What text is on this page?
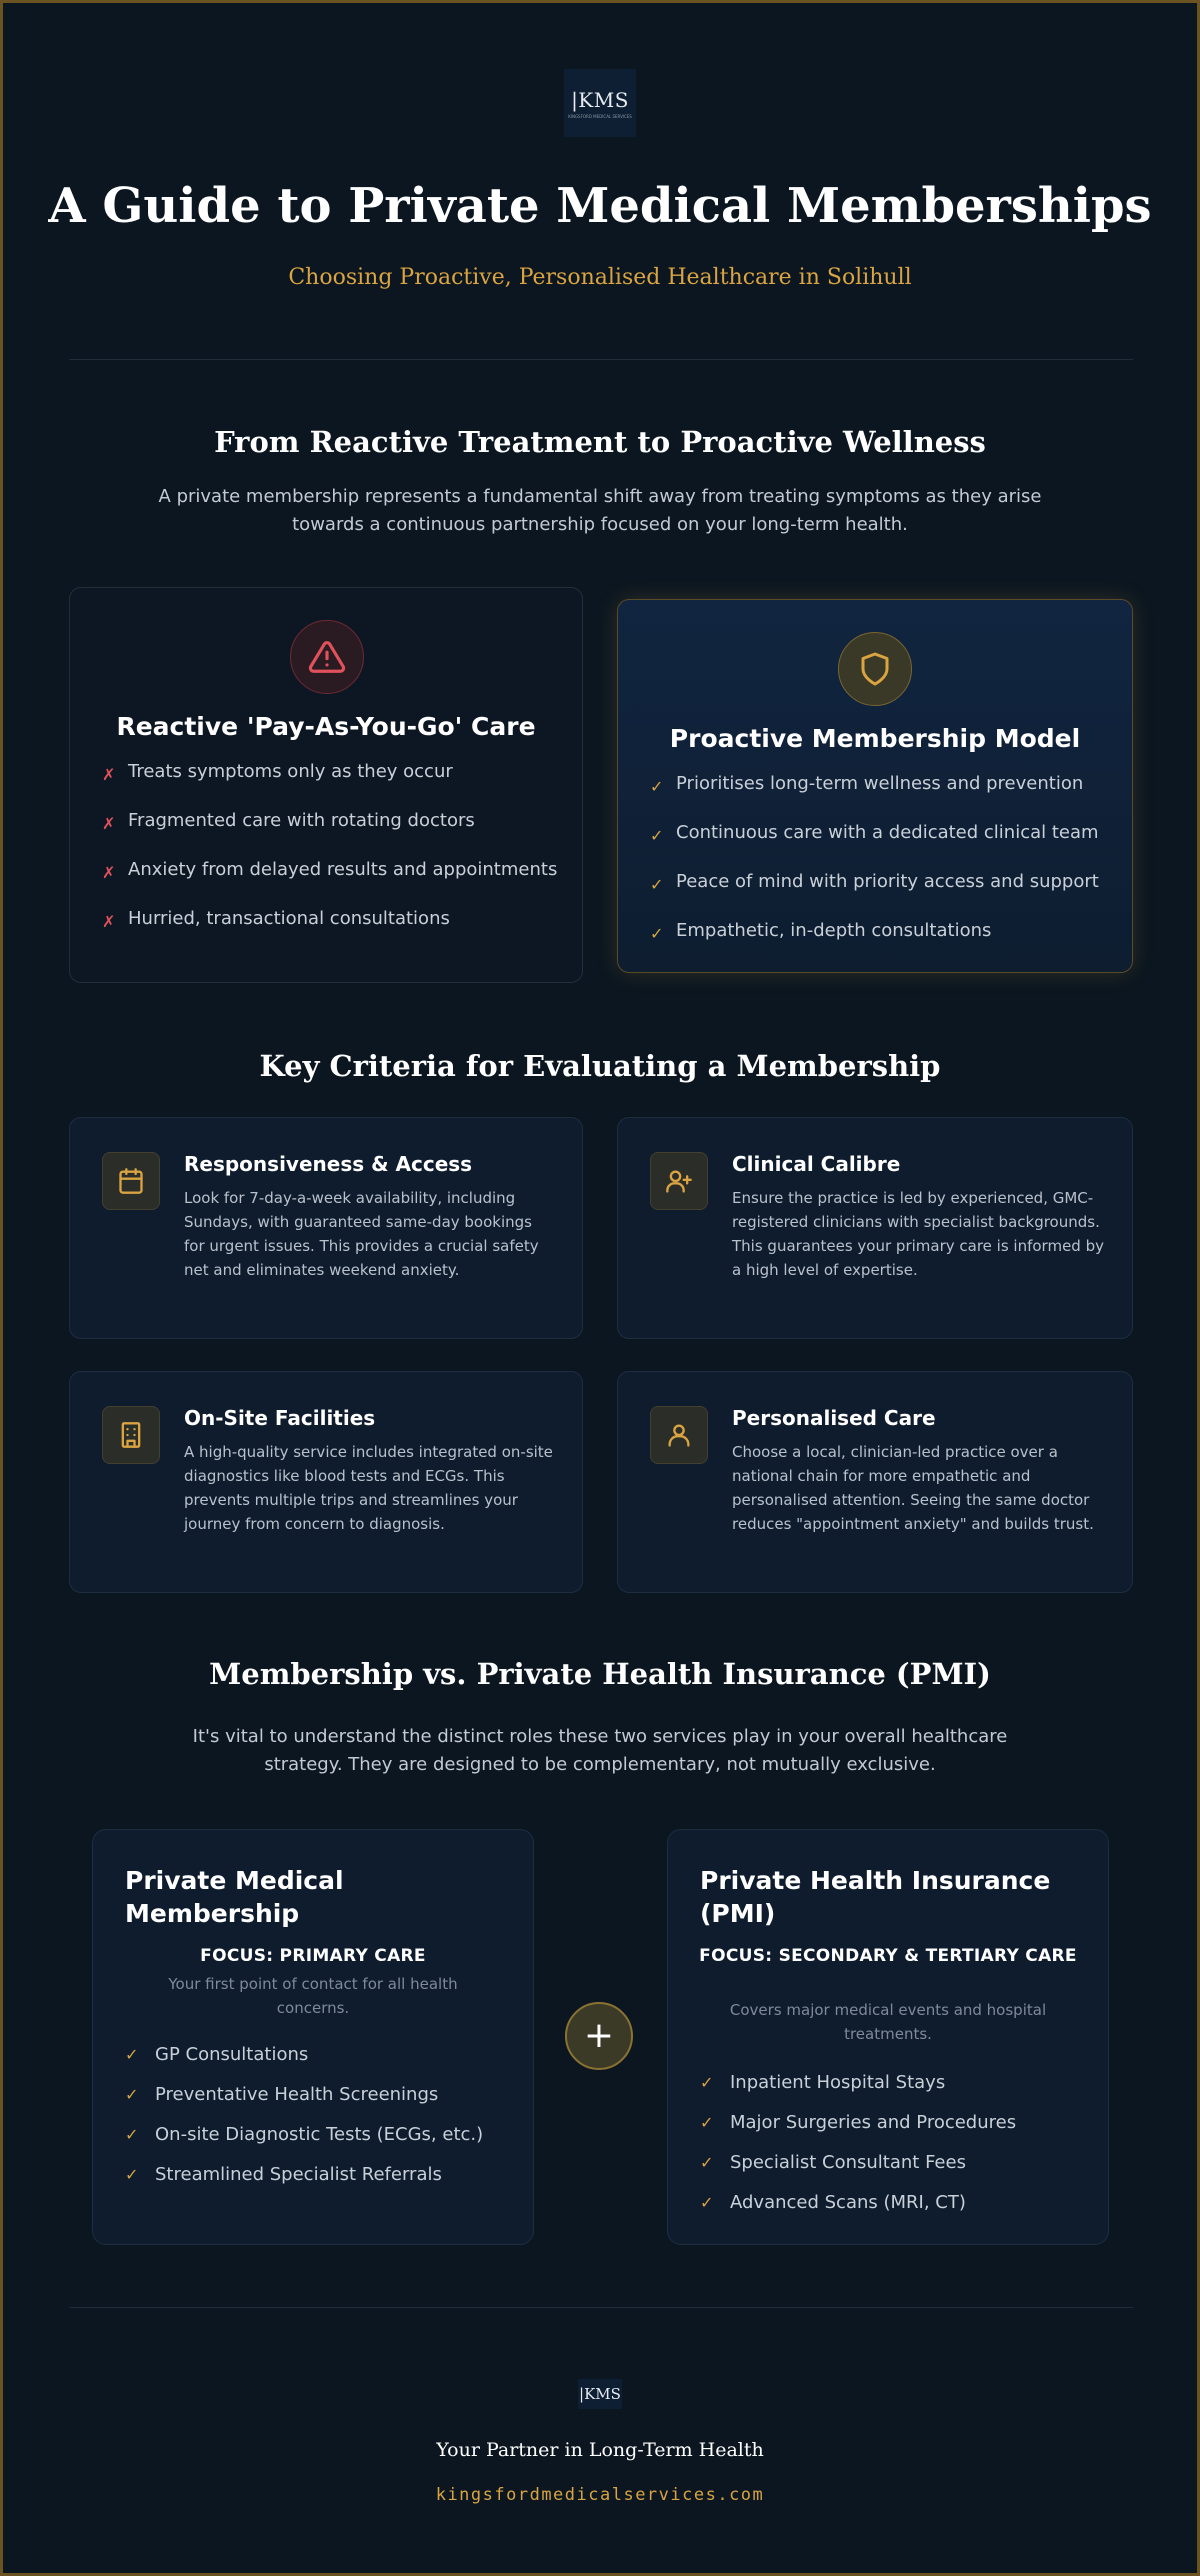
|KMS
KINGSFORD MEDICAL SERVICES
A Guide to Private Medical Memberships
Choosing Proactive, Personalised Healthcare in Solihull
From Reactive Treatment to Proactive Wellness

A private membership represents a fundamental shift away from treating symptoms as they arise towards a continuous partnership focused on your long-term health.

Reactive 'Pay-As-You-Go' Care
✗ Treats symptoms only as they occur
✗ Fragmented care with rotating doctors
✗ Anxiety from delayed results and appointments
✗ Hurried, transactional consultations
Proactive Membership Model
✓ Prioritises long-term wellness and prevention
✓ Continuous care with a dedicated clinical team
✓ Peace of mind with priority access and support
✓ Empathetic, in-depth consultations
Key Criteria for Evaluating a Membership
Responsiveness & Access
Look for 7-day-a-week availability, including Sundays, with guaranteed same-day bookings for urgent issues. This provides a crucial safety net and eliminates weekend anxiety.
Clinical Calibre
Ensure the practice is led by experienced, GMC-registered clinicians with specialist backgrounds. This guarantees your primary care is informed by a high level of expertise.
On-Site Facilities
A high-quality service includes integrated on-site diagnostics like blood tests and ECGs. This prevents multiple trips and streamlines your journey from concern to diagnosis.
Personalised Care
Choose a local, clinician-led practice over a national chain for more empathetic and personalised attention. Seeing the same doctor reduces "appointment anxiety" and builds trust.
Membership vs. Private Health Insurance (PMI)

It's vital to understand the distinct roles these two services play in your overall healthcare strategy. They are designed to be complementary, not mutually exclusive.

Private Medical Membership
FOCUS: PRIMARY CARE
Your first point of contact for all health concerns.
✓ GP Consultations
✓ Preventative Health Screenings
✓ On-site Diagnostic Tests (ECGs, etc.)
✓ Streamlined Specialist Referrals
+
Private Health Insurance (PMI)
FOCUS: SECONDARY & TERTIARY CARE
Covers major medical events and hospital treatments.
✓ Inpatient Hospital Stays
✓ Major Surgeries and Procedures
✓ Specialist Consultant Fees
✓ Advanced Scans (MRI, CT)
|KMS
Your Partner in Long-Term Health
kingsfordmedicalservices.com
